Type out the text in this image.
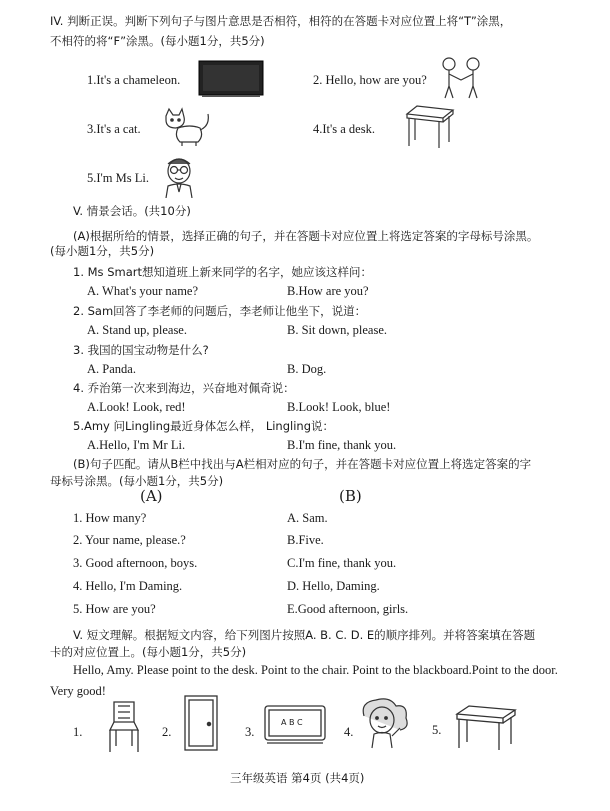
IV. 判断正误。判断下列句子与图片意思是否相符，相符的在答题卡对应位置上将“T”涂黑，
不相符的将“F”涂黑。(每小题1分，共5分)
1.It's a chameleon.	2. Hello, how are you?
3.It's a cat.	4.It's a desk.
5.I'm Ms Li.
V. 情景会话。(共10分)
(A)根据所给的情景，选择正确的句子，并在答题卡对应位置上将选定答案的字母标号涂黑。
(每小题1分，共5分)
1. Ms Smart想知道班上新来同学的名字，她应该这样问：
A. What's your name?	B.How are you?
2. Sam回答了李老师的问题后，李老师让他坐下，说道：
A. Stand up, please.	B. Sit down, please.
3. 我国的国宝动物是什么?
A. Panda.	B. Dog.
4. 乔治第一次来到海边，兴奋地对佩奇说：
A.Look! Look, red!	B.Look! Look, blue!
5.Amy 问Lingling最近身体怎么样， Lingling说：
A.Hello, I'm Mr Li.	B.I'm fine, thank you.
(B)句子匹配。请从B栏中找出与A栏相对应的句子，并在答题卡对应位置上将选定答案的字
母标号涂黑。(每小题1分，共5分)
(A)	(B)
1. How many?	A. Sam.
2. Your name, please.?	B.Five.
3. Good afternoon, boys.	C.I'm fine, thank you.
4. Hello, I'm Daming.	D. Hello, Daming.
5. How are you?	E.Good afternoon, girls.
V. 短文理解。根据短文内容，给下列图片按照A. B. C. D. E的顺序排列。并将答案填在答题
卡的对应位置上。(每小题1分，共5分)
Hello, Amy. Please point to the desk. Point to the chair. Point to the blackboard.Point to the door.
Very good!
1.	2.	3.
A B C
4.	5.
三年级英语 第4页 (共4页)
